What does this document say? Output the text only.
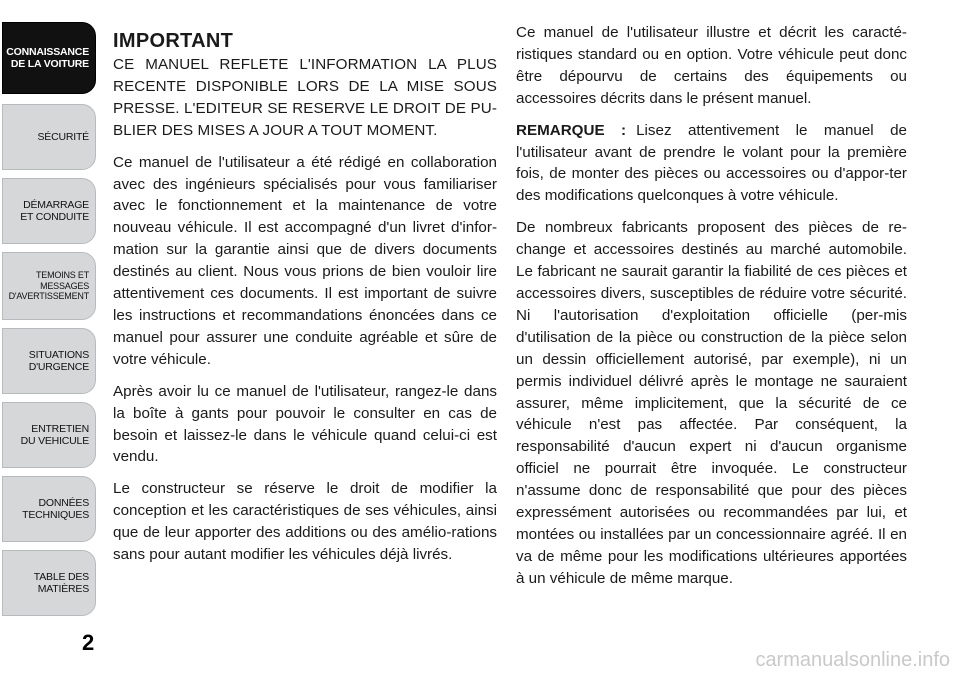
CONNAISSANCE
DE LA VOITURE
SÉCURITÉ
DÉMARRAGE
ET CONDUITE
TEMOINS ET
MESSAGES
D'AVERTISSEMENT
SITUATIONS
D'URGENCE
ENTRETIEN
DU VEHICULE
DONNÉES
TECHNIQUES
TABLE DES
MATIÈRES
2
IMPORTANT

CE MANUEL REFLETE L'INFORMATION LA PLUS RECENTE DISPONIBLE LORS DE LA MISE SOUS PRESSE. L'EDITEUR SE RESERVE LE DROIT DE PU-BLIER DES MISES A JOUR A TOUT MOMENT.

Ce manuel de l'utilisateur a été rédigé en collaboration avec des ingénieurs spécialisés pour vous familiariser avec le fonctionnement et la maintenance de votre nouveau véhicule. Il est accompagné d'un livret d'infor-mation sur la garantie ainsi que de divers documents destinés au client. Nous vous prions de bien vouloir lire attentivement ces documents. Il est important de suivre les instructions et recommandations énoncées dans ce manuel pour assurer une conduite agréable et sûre de votre véhicule.

Après avoir lu ce manuel de l'utilisateur, rangez-le dans la boîte à gants pour pouvoir le consulter en cas de besoin et laissez-le dans le véhicule quand celui-ci est vendu.

Le constructeur se réserve le droit de modifier la conception et les caractéristiques de ses véhicules, ainsi que de leur apporter des additions ou des amélio-rations sans pour autant modifier les véhicules déjà livrés.

Ce manuel de l'utilisateur illustre et décrit les caracté-ristiques standard ou en option. Votre véhicule peut donc être dépourvu de certains des équipements ou accessoires décrits dans le présent manuel.

REMARQUE : Lisez attentivement le manuel de l'utilisateur avant de prendre le volant pour la première fois, de monter des pièces ou accessoires ou d'appor-ter des modifications quelconques à votre véhicule.

De nombreux fabricants proposent des pièces de re-change et accessoires destinés au marché automobile. Le fabricant ne saurait garantir la fiabilité de ces pièces et accessoires divers, susceptibles de réduire votre sécurité. Ni l'autorisation d'exploitation officielle (per-mis d'utilisation de la pièce ou construction de la pièce selon un dessin officiellement autorisé, par exemple), ni un permis individuel délivré après le montage ne sauraient assurer, même implicitement, que la sécurité de ce véhicule n'est pas affectée. Par conséquent, la responsabilité d'aucun expert ni d'aucun organisme officiel ne pourrait être invoquée. Le constructeur n'assume donc de responsabilité que pour des pièces expressément autorisées ou recommandées par lui, et montées ou installées par un concessionnaire agréé. Il en va de même pour les modifications ultérieures apportées à un véhicule de même marque.

carmanualsonline.info
